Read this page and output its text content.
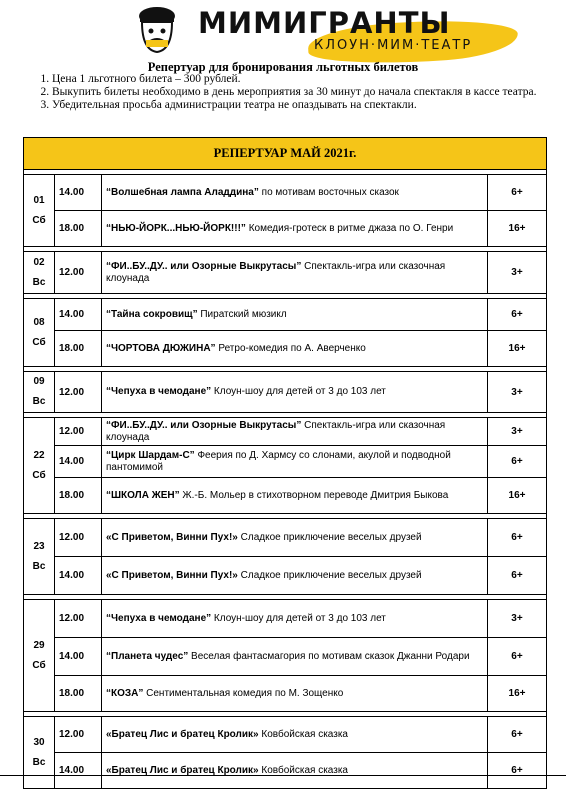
МИМИГРАНТЫ
КЛОУН·МИМ·ТЕАТР
Репертуар для бронирования льготных билетов
1. Цена 1 льготного билета – 300 рублей.
2. Выкупить билеты необходимо в день мероприятия за 30 минут до начала спектакля в кассе театра.
3. Убедительная просьба администрации театра не опаздывать на спектакли.
РЕПЕРТУАР МАЙ 2021г.			

01
Сб	14.00	“Волшебная лампа Аладдина” по мотивам восточных сказок	6+
	18.00	“НЬЮ-ЙОРК...НЬЮ-ЙОРК!!!” Комедия-гротеск в ритме джаза по О. Генри	16+

02
Вс	12.00	“ФИ..БУ..ДУ.. или Озорные Выкрутасы” Спектакль-игра или сказочная клоунада	3+

08
Сб	14.00	“Тайна сокровищ” Пиратский мюзикл	6+
	18.00	“ЧОРТОВА ДЮЖИНА” Ретро-комедия по А. Аверченко	16+

09
Вс	12.00	“Чепуха в чемодане” Клоун-шоу для детей от 3 до 103 лет	3+

22
Сб	12.00	“ФИ..БУ..ДУ.. или Озорные Выкрутасы” Спектакль-игра или сказочная клоунада	3+
	14.00	“Цирк Шардам-С” Феерия по Д. Хармсу со слонами, акулой и подводной пантомимой	6+
	18.00	“ШКОЛА ЖЕН” Ж.-Б. Мольер в стихотворном переводе Дмитрия Быкова	16+

23
Вс	12.00	«С Приветом, Винни Пух!» Сладкое приключение веселых друзей	6+
	14.00	«С Приветом, Винни Пух!» Сладкое приключение веселых друзей	6+

29
Сб	12.00	“Чепуха в чемодане” Клоун-шоу для детей от 3 до 103 лет	3+
	14.00	“Планета чудес” Веселая фантасмагория по мотивам сказок Джанни Родари	6+
	18.00	“КОЗА” Сентиментальная комедия по М. Зощенко	16+

30
Вс	12.00	«Братец Лис и братец Кролик» Ковбойская сказка	6+
	14.00	«Братец Лис и братец Кролик» Ковбойская сказка	6+
